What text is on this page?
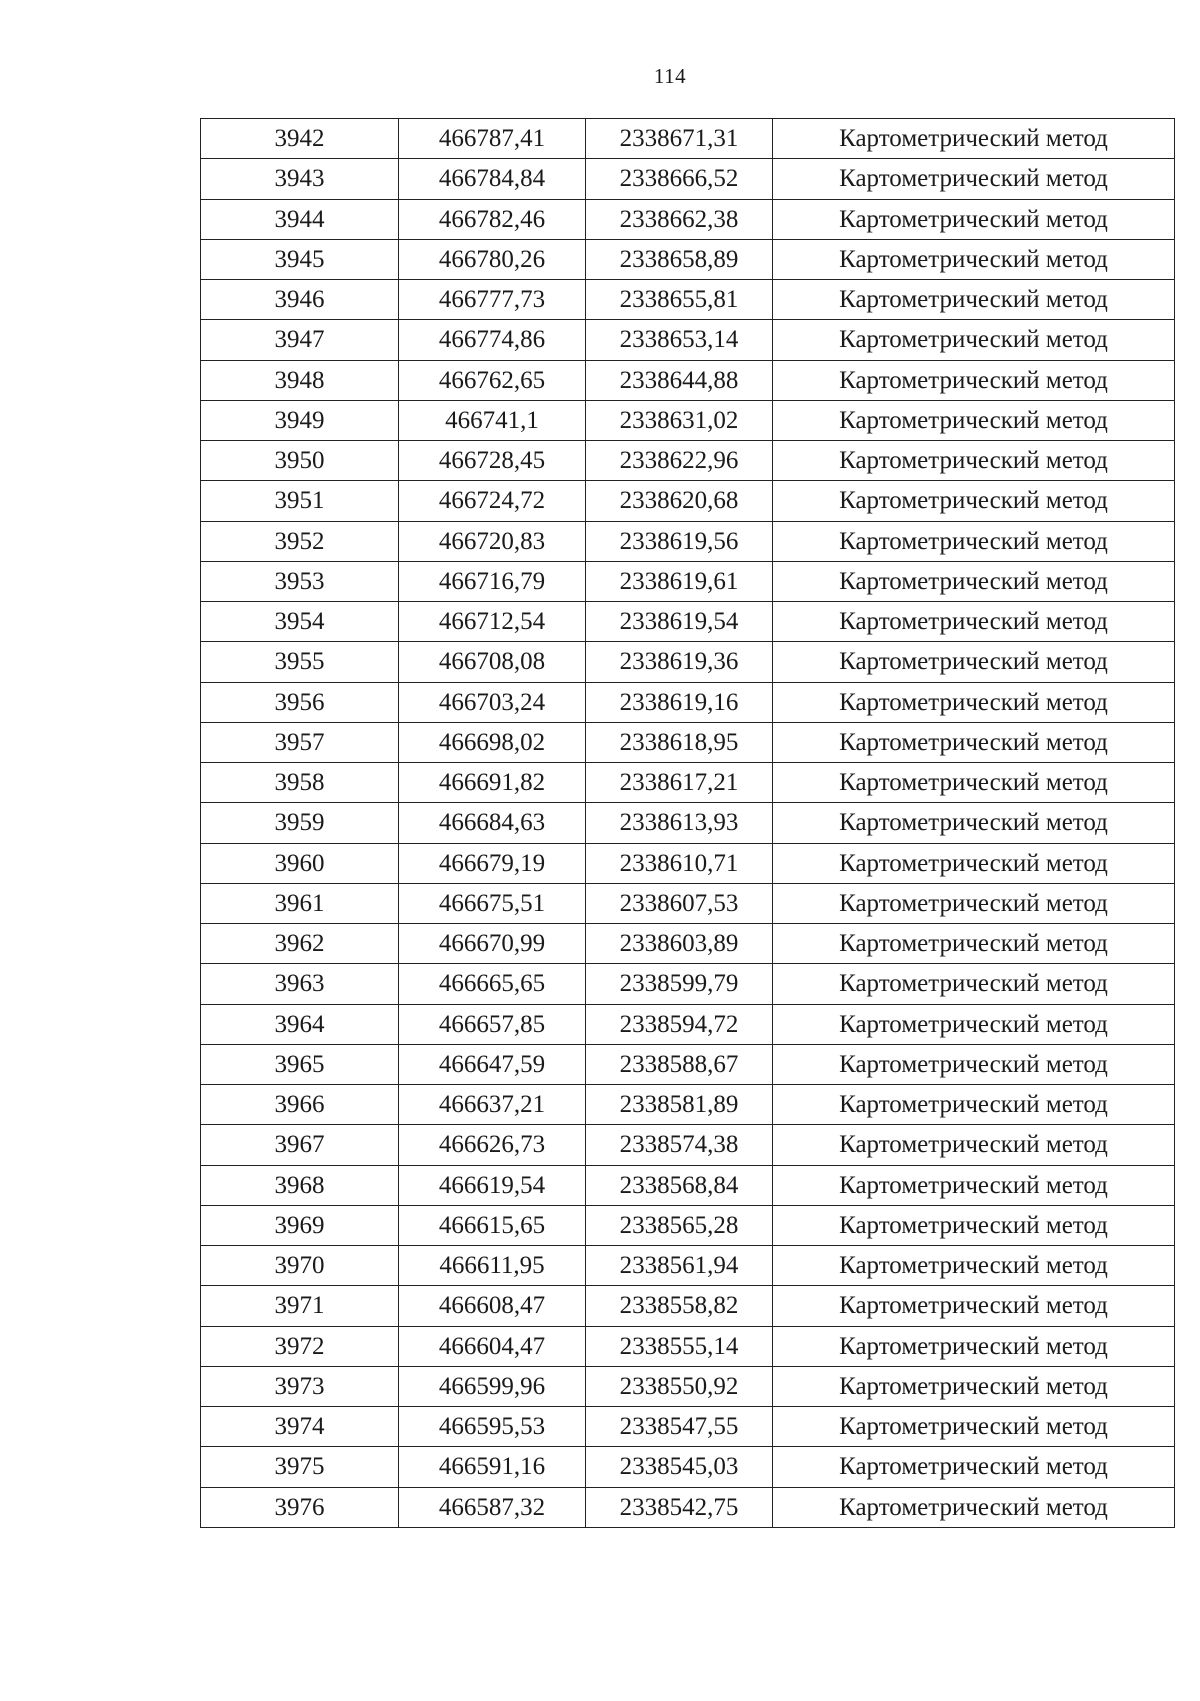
114
3942	466787,41	2338671,31	Картометрический метод
3943	466784,84	2338666,52	Картометрический метод
3944	466782,46	2338662,38	Картометрический метод
3945	466780,26	2338658,89	Картометрический метод
3946	466777,73	2338655,81	Картометрический метод
3947	466774,86	2338653,14	Картометрический метод
3948	466762,65	2338644,88	Картометрический метод
3949	466741,1	2338631,02	Картометрический метод
3950	466728,45	2338622,96	Картометрический метод
3951	466724,72	2338620,68	Картометрический метод
3952	466720,83	2338619,56	Картометрический метод
3953	466716,79	2338619,61	Картометрический метод
3954	466712,54	2338619,54	Картометрический метод
3955	466708,08	2338619,36	Картометрический метод
3956	466703,24	2338619,16	Картометрический метод
3957	466698,02	2338618,95	Картометрический метод
3958	466691,82	2338617,21	Картометрический метод
3959	466684,63	2338613,93	Картометрический метод
3960	466679,19	2338610,71	Картометрический метод
3961	466675,51	2338607,53	Картометрический метод
3962	466670,99	2338603,89	Картометрический метод
3963	466665,65	2338599,79	Картометрический метод
3964	466657,85	2338594,72	Картометрический метод
3965	466647,59	2338588,67	Картометрический метод
3966	466637,21	2338581,89	Картометрический метод
3967	466626,73	2338574,38	Картометрический метод
3968	466619,54	2338568,84	Картометрический метод
3969	466615,65	2338565,28	Картометрический метод
3970	466611,95	2338561,94	Картометрический метод
3971	466608,47	2338558,82	Картометрический метод
3972	466604,47	2338555,14	Картометрический метод
3973	466599,96	2338550,92	Картометрический метод
3974	466595,53	2338547,55	Картометрический метод
3975	466591,16	2338545,03	Картометрический метод
3976	466587,32	2338542,75	Картометрический метод
